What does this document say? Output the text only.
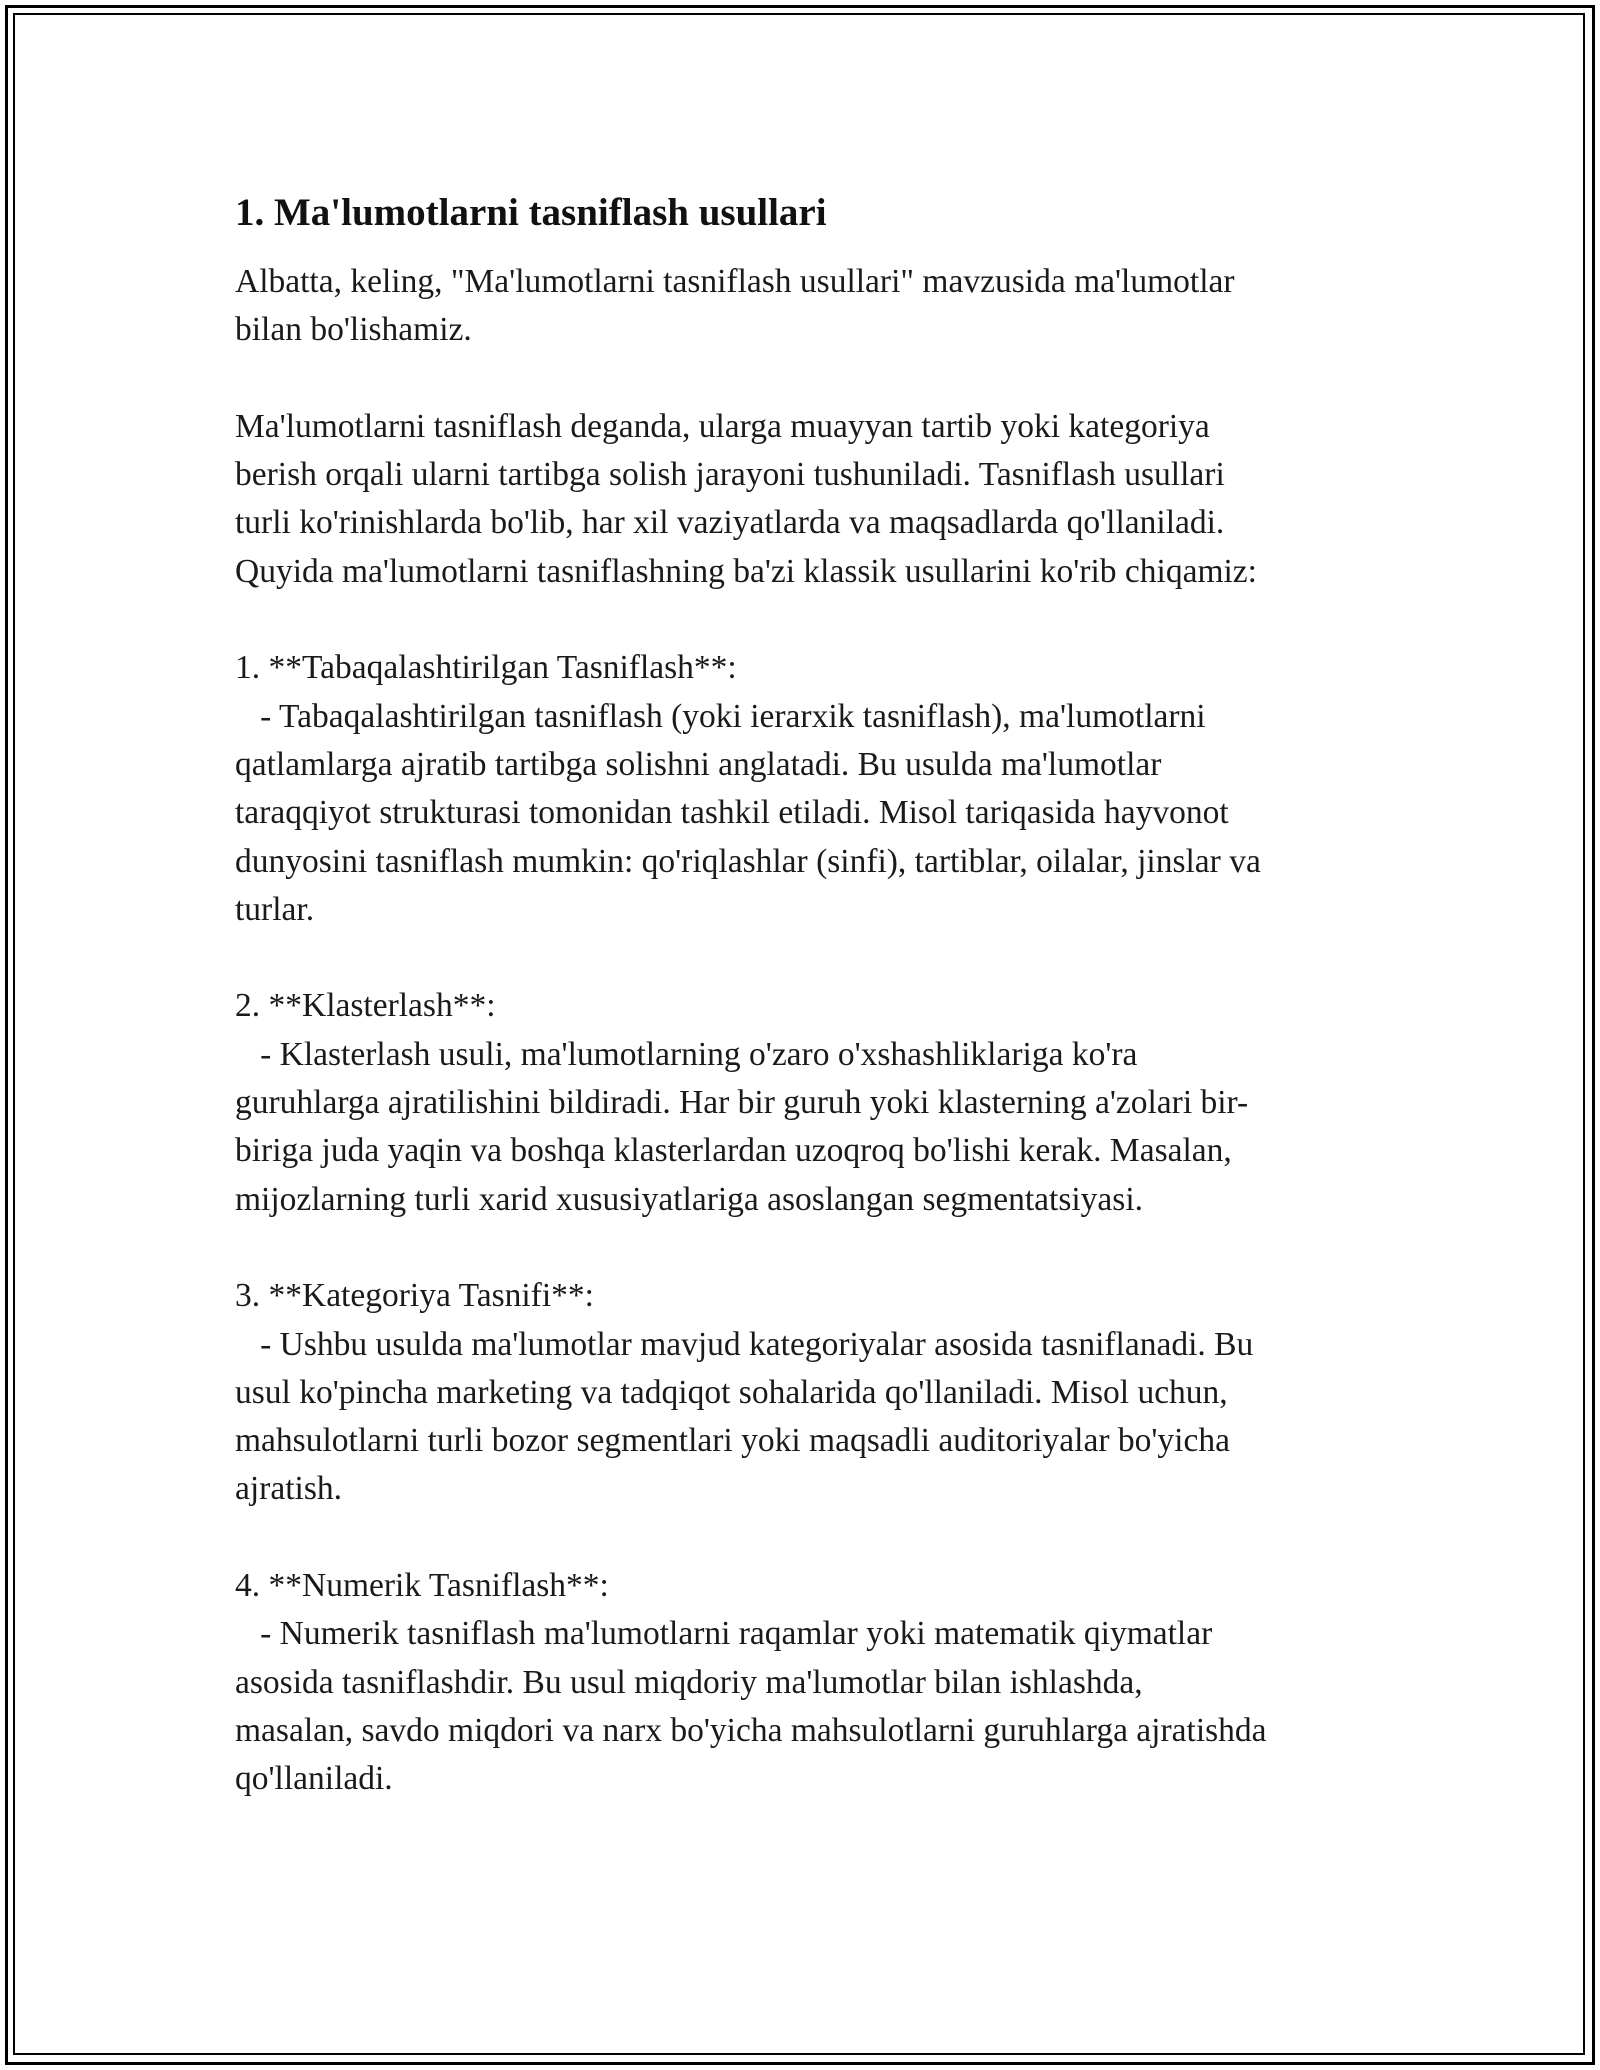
1. Ma'lumotlarni tasniflash usullari
Albatta, keling, "Ma'lumotlarni tasniflash usullari" mavzusida ma'lumotlar
bilan bo'lishamiz.

Ma'lumotlarni tasniflash deganda, ularga muayyan tartib yoki kategoriya
berish orqali ularni tartibga solish jarayoni tushuniladi. Tasniflash usullari
turli ko'rinishlarda bo'lib, har xil vaziyatlarda va maqsadlarda qo'llaniladi.
Quyida ma'lumotlarni tasniflashning ba'zi klassik usullarini ko'rib chiqamiz:

1. **Tabaqalashtirilgan Tasniflash**:
- Tabaqalashtirilgan tasniflash (yoki ierarxik tasniflash), ma'lumotlarni
qatlamlarga ajratib tartibga solishni anglatadi. Bu usulda ma'lumotlar
taraqqiyot strukturasi tomonidan tashkil etiladi. Misol tariqasida hayvonot
dunyosini tasniflash mumkin: qo'riqlashlar (sinfi), tartiblar, oilalar, jinslar va
turlar.

2. **Klasterlash**:
- Klasterlash usuli, ma'lumotlarning o'zaro o'xshashliklariga ko'ra
guruhlarga ajratilishini bildiradi. Har bir guruh yoki klasterning a'zolari bir-
biriga juda yaqin va boshqa klasterlardan uzoqroq bo'lishi kerak. Masalan,
mijozlarning turli xarid xususiyatlariga asoslangan segmentatsiyasi.

3. **Kategoriya Tasnifi**:
- Ushbu usulda ma'lumotlar mavjud kategoriyalar asosida tasniflanadi. Bu
usul ko'pincha marketing va tadqiqot sohalarida qo'llaniladi. Misol uchun,
mahsulotlarni turli bozor segmentlari yoki maqsadli auditoriyalar bo'yicha
ajratish.

4. **Numerik Tasniflash**:
- Numerik tasniflash ma'lumotlarni raqamlar yoki matematik qiymatlar
asosida tasniflashdir. Bu usul miqdoriy ma'lumotlar bilan ishlashda,
masalan, savdo miqdori va narx bo'yicha mahsulotlarni guruhlarga ajratishda
qo'llaniladi.
